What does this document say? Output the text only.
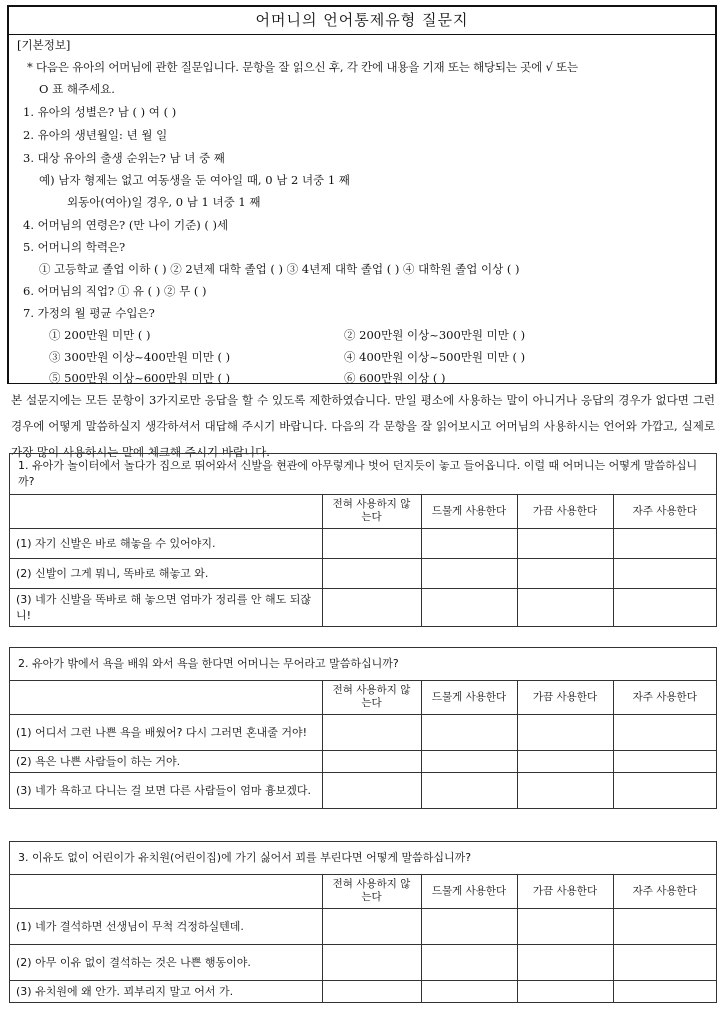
어머니의 언어통제유형 질문지
[기본정보]
* 다음은 유아의 어머님에 관한 질문입니다. 문항을 잘 읽으신 후, 각 칸에 내용을 기재 또는 해당되는 곳에 √ 또는
O 표 해주세요.
1. 유아의 성별은? 남 ( ) 여 ( )
2. 유아의 생년월일: 년 월 일
3. 대상 유아의 출생 순위는? 남 녀 중 째
예) 남자 형제는 없고 여동생을 둔 여아일 때, 0 남 2 녀중 1 째
외동아(여아)일 경우, 0 남 1 녀중 1 째
4. 어머님의 연령은? (만 나이 기준) ( )세
5. 어머니의 학력은?
① 고등학교 졸업 이하 ( ) ② 2년제 대학 졸업 ( ) ③ 4년제 대학 졸업 ( ) ④ 대학원 졸업 이상 ( )
6. 어머님의 직업? ① 유 ( ) ② 무 ( )
7. 가정의 월 평균 수입은?
① 200만원 미만 ( )	② 200만원 이상~300만원 미만 ( )
③ 300만원 이상~400만원 미만 ( )	④ 400만원 이상~500만원 미만 ( )
⑤ 500만원 이상~600만원 미만 ( )	⑥ 600만원 이상 ( )
본 설문지에는 모든 문항이 3가지로만 응답을 할 수 있도록 제한하였습니다. 만일 평소에 사용하는 말이 아니거나 응답의 경우가 없다면 그런 경우에 어떻게 말씀하실지 생각하셔서 대답해 주시기 바랍니다. 다음의 각 문항을 잘 읽어보시고 어머님의 사용하시는 언어와 가깝고, 실제로 가장 많이 사용하시는 말에 체크해 주시기 바랍니다.
1. 유아가 놀이터에서 놀다가 집으로 뛰어와서 신발을 현관에 아무렇게나 벗어 던지듯이 놓고 들어옵니다. 이럴 때 어머니는 어떻게 말씀하십니까?
	전혀 사용하지 않는다	드물게 사용한다	가끔 사용한다	자주 사용한다
(1) 자기 신발은 바로 해놓을 수 있어야지.				
(2) 신발이 그게 뭐니, 똑바로 해놓고 와.				
(3) 네가 신발을 똑바로 해 놓으면 엄마가 정리를 안 해도 되잖니!				
2. 유아가 밖에서 욕을 배워 와서 욕을 한다면 어머니는 무어라고 말씀하십니까?
	전혀 사용하지 않는다	드물게 사용한다	가끔 사용한다	자주 사용한다
(1) 어디서 그런 나쁜 욕을 배웠어? 다시 그러면 혼내줄 거야!				
(2) 욕은 나쁜 사람들이 하는 거야.				
(3) 네가 욕하고 다니는 걸 보면 다른 사람들이 엄마 흉보겠다.				
3. 이유도 없이 어린이가 유치원(어린이집)에 가기 싫어서 꾀를 부린다면 어떻게 말씀하십니까?
	전혀 사용하지 않는다	드물게 사용한다	가끔 사용한다	자주 사용한다
(1) 네가 결석하면 선생님이 무척 걱정하실텐데.				
(2) 아무 이유 없이 결석하는 것은 나쁜 행동이야.				
(3) 유치원에 왜 안가. 꾀부리지 말고 어서 가.				
